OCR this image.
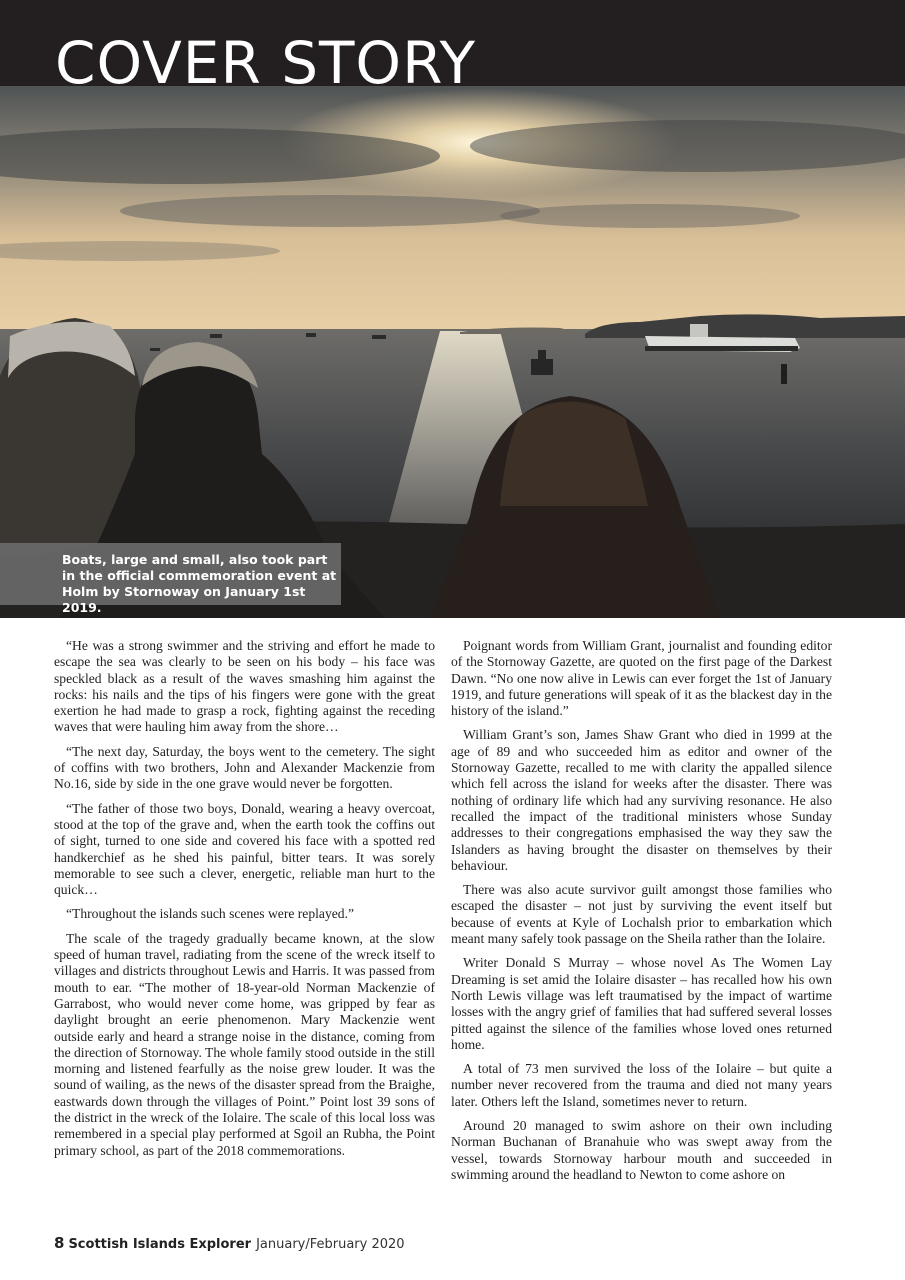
COVER STORY

Boats, large and small, also took part in the official commemoration event at Holm by Stornoway on January 1st 2019.

“He was a strong swimmer and the striving and effort he made to escape the sea was clearly to be seen on his body – his face was speckled black as a result of the waves smashing him against the rocks: his nails and the tips of his fingers were gone with the great exertion he had made to grasp a rock, fighting against the receding waves that were hauling him away from the shore…

“The next day, Saturday, the boys went to the cemetery. The sight of coffins with two brothers, John and Alexander Mackenzie from No.16, side by side in the one grave would never be forgotten.

“The father of those two boys, Donald, wearing a heavy overcoat, stood at the top of the grave and, when the earth took the coffins out of sight, turned to one side and covered his face with a spotted red handkerchief as he shed his painful, bitter tears. It was sorely memorable to see such a clever, energetic, reliable man hurt to the quick…

“Throughout the islands such scenes were replayed.”

The scale of the tragedy gradually became known, at the slow speed of human travel, radiating from the scene of the wreck itself to villages and districts throughout Lewis and Harris. It was passed from mouth to ear. “The mother of 18-year-old Norman Mackenzie of Garrabost, who would never come home, was gripped by fear as daylight brought an eerie phenomenon. Mary Mackenzie went outside early and heard a strange noise in the distance, coming from the direction of Stornoway. The whole family stood outside in the still morning and listened fearfully as the noise grew louder. It was the sound of wailing, as the news of the disaster spread from the Braighe, eastwards down through the villages of Point.” Point lost 39 sons of the district in the wreck of the Iolaire. The scale of this local loss was remembered in a special play performed at Sgoil an Rubha, the Point primary school, as part of the 2018 commemorations.

Poignant words from William Grant, journalist and founding editor of the Stornoway Gazette, are quoted on the first page of the Darkest Dawn. “No one now alive in Lewis can ever forget the 1st of January 1919, and future generations will speak of it as the blackest day in the history of the island.”

William Grant’s son, James Shaw Grant who died in 1999 at the age of 89 and who succeeded him as editor and owner of the Stornoway Gazette, recalled to me with clarity the appalled silence which fell across the island for weeks after the disaster. There was nothing of ordinary life which had any surviving resonance. He also recalled the impact of the traditional ministers whose Sunday addresses to their congregations emphasised the way they saw the Islanders as having brought the disaster on themselves by their behaviour.

There was also acute survivor guilt amongst those families who escaped the disaster – not just by surviving the event itself but because of events at Kyle of Lochalsh prior to embarkation which meant many safely took passage on the Sheila rather than the Iolaire.

Writer Donald S Murray – whose novel As The Women Lay Dreaming is set amid the Iolaire disaster – has recalled how his own North Lewis village was left traumatised by the impact of wartime losses with the angry grief of families that had suffered several losses pitted against the silence of the families whose loved ones returned home.

A total of 73 men survived the loss of the Iolaire – but quite a number never recovered from the trauma and died not many years later. Others left the Island, sometimes never to return.

Around 20 managed to swim ashore on their own including Norman Buchanan of Branahuie who was swept away from the vessel, towards Stornoway harbour mouth and succeeded in swimming around the headland to Newton to come ashore on

8 Scottish Islands Explorer January/February 2020
